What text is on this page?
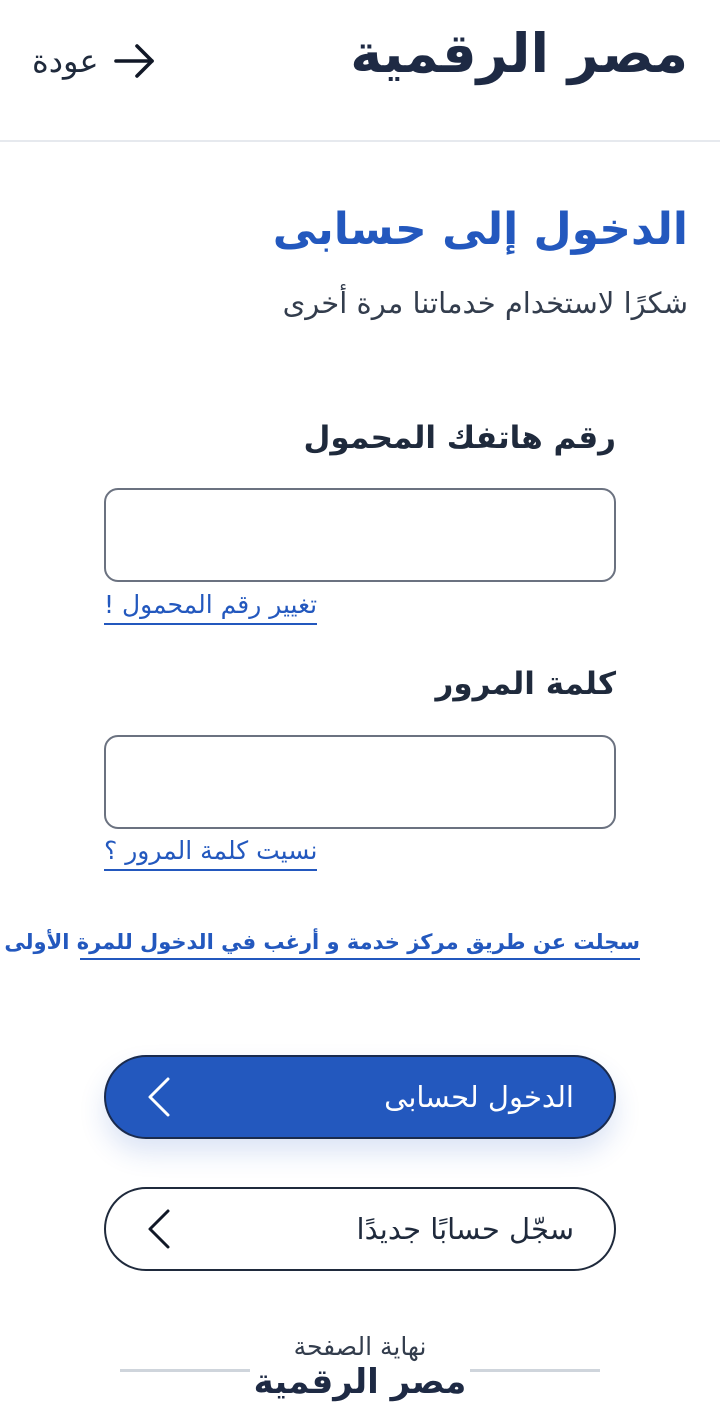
مصر الرقمية
عودة
الدخول إلى حسابى
شكرًا لاستخدام خدماتنا مرة أخرى
رقم هاتفك المحمول
تغيير رقم المحمول !
كلمة المرور
نسيت كلمة المرور ؟
سجلت عن طريق مركز خدمة و أرغب في الدخول للمرة الأولى
الدخول لحسابى
سجّل حسابًا جديدًا
نهاية الصفحة
مصر الرقمية
